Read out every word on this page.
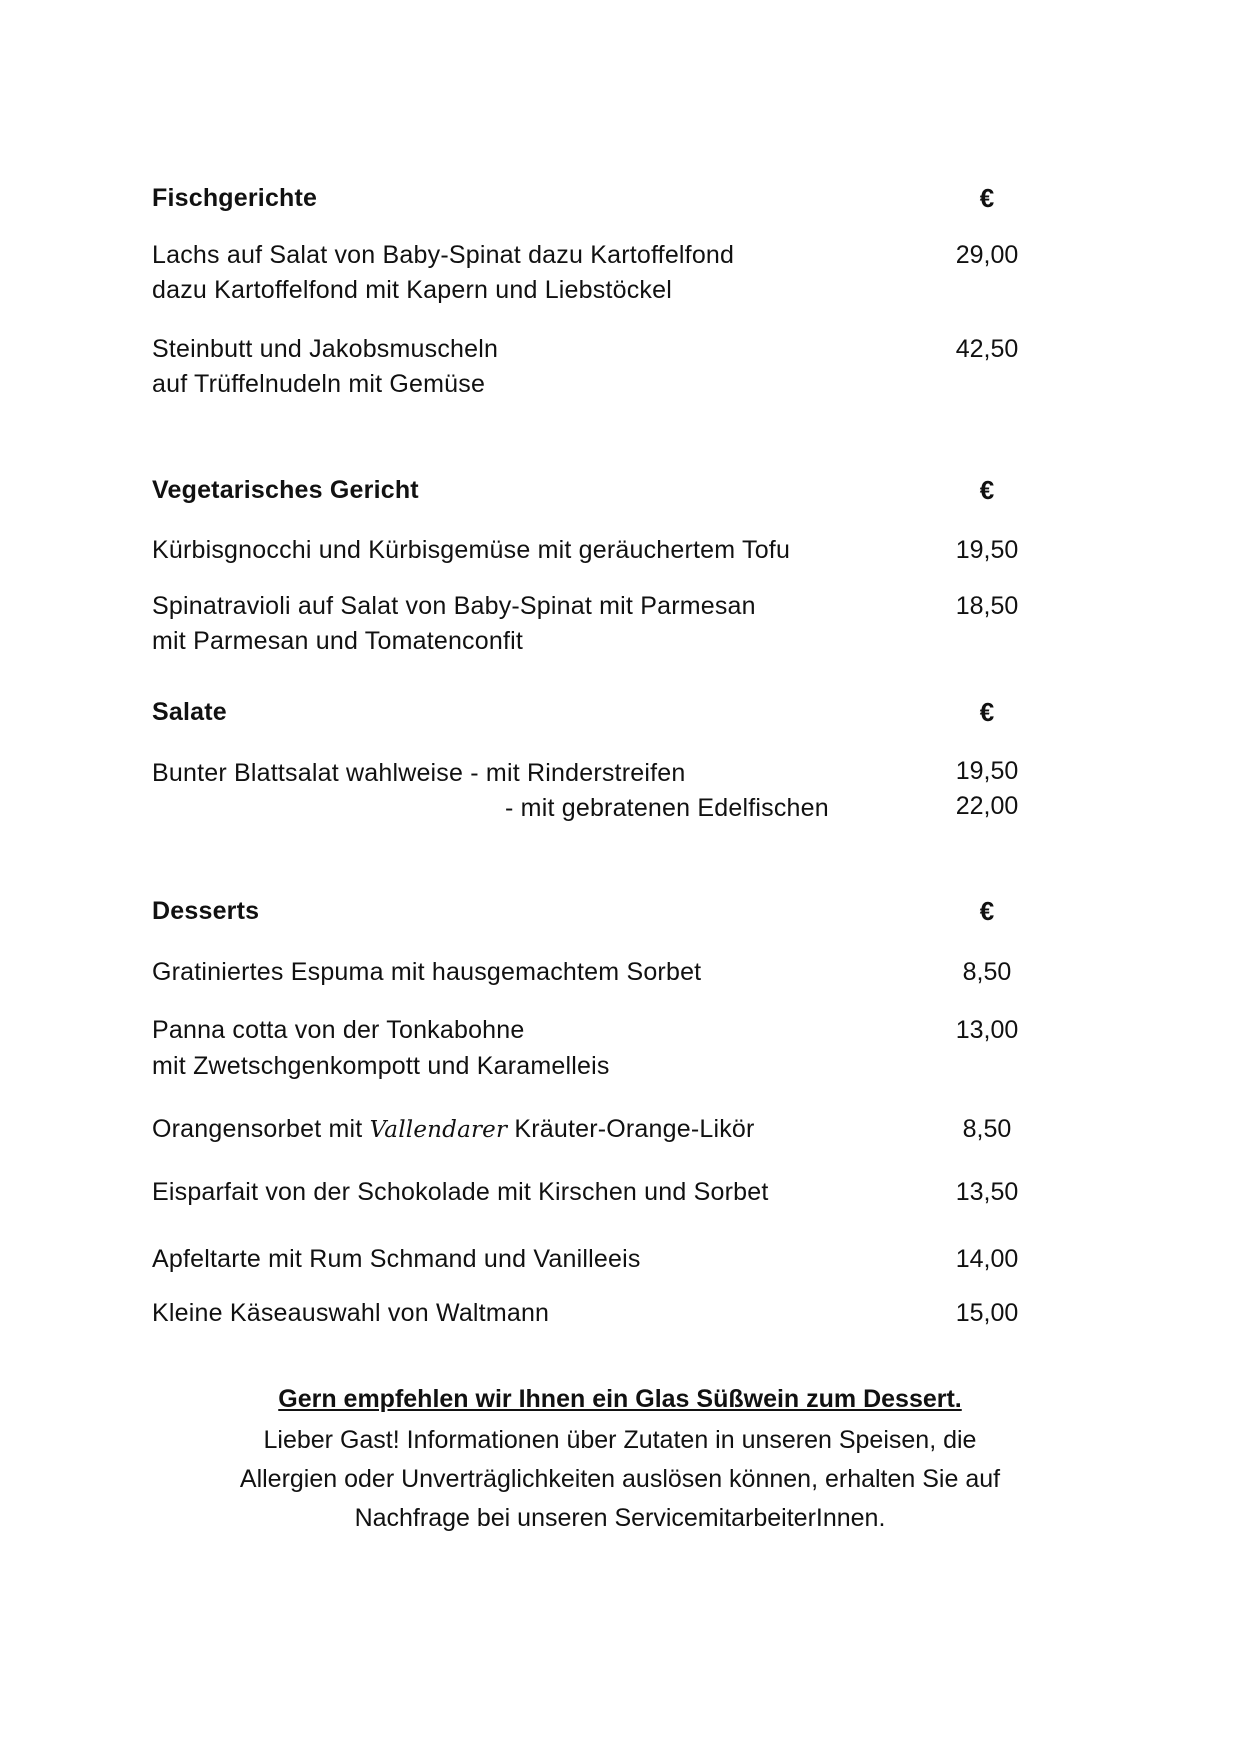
Fischgerichte	€
Lachs auf Salat von Baby-Spinat dazu Kartoffelfond
dazu Kartoffelfond mit Kapern und Liebstöckel
29,00
Steinbutt und Jakobsmuscheln
auf Trüffelnudeln mit Gemüse
42,50
Vegetarisches Gericht	€
Kürbisgnocchi und Kürbisgemüse mit geräuchertem Tofu	19,50
Spinatravioli auf Salat von Baby-Spinat mit Parmesan
mit Parmesan und Tomatenconfit
18,50
Salate	€
Bunter Blattsalat wahlweise - mit Rinderstreifen	19,50
- mit gebratenen Edelfischen	22,00
Desserts	€
Gratiniertes Espuma mit hausgemachtem Sorbet	8,50
Panna cotta von der Tonkabohne
mit Zwetschgenkompott und Karamelleis
13,00
Orangensorbet mit Vallendarer Kräuter-Orange-Likör	8,50
Eisparfait von der Schokolade mit Kirschen und Sorbet	13,50
Apfeltarte mit Rum Schmand und Vanilleeis	14,00
Kleine Käseauswahl von Waltmann	15,00
Gern empfehlen wir Ihnen ein Glas Süßwein zum Dessert.
Lieber Gast! Informationen über Zutaten in unseren Speisen, die
Allergien oder Unverträglichkeiten auslösen können, erhalten Sie auf
Nachfrage bei unseren ServicemitarbeiterInnen.
